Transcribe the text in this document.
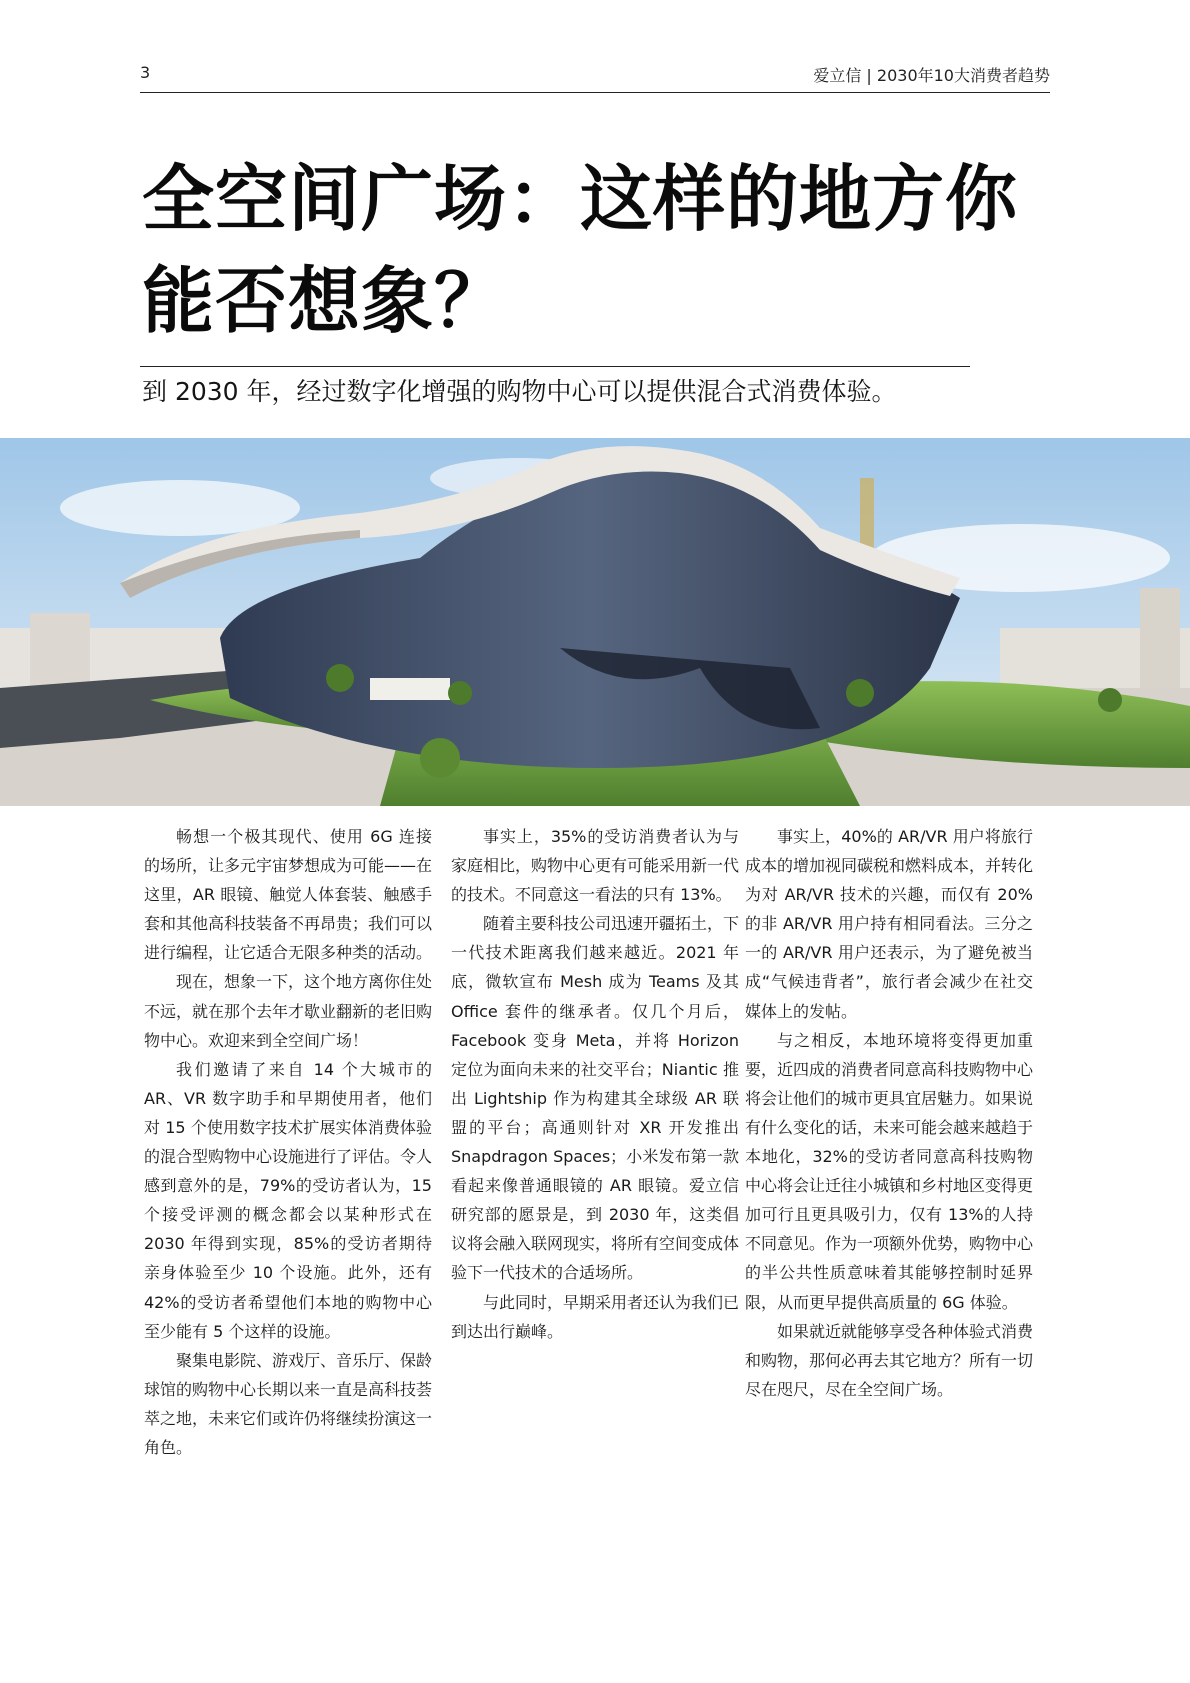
3	爱立信 | 2030年10大消费者趋势
全空间广场：这样的地方你能否想象？

到 2030 年，经过数字化增强的购物中心可以提供混合式消费体验。

畅想一个极其现代、使用 6G 连接的场所，让多元宇宙梦想成为可能——在这里，AR 眼镜、触觉人体套装、触感手套和其他高科技装备不再昂贵；我们可以进行编程，让它适合无限多种类的活动。

现在，想象一下，这个地方离你住处不远，就在那个去年才歇业翻新的老旧购物中心。欢迎来到全空间广场！

我们邀请了来自 14 个大城市的 AR、VR 数字助手和早期使用者，他们对 15 个使用数字技术扩展实体消费体验的混合型购物中心设施进行了评估。令人感到意外的是，79%的受访者认为，15 个接受评测的概念都会以某种形式在 2030 年得到实现，85%的受访者期待亲身体验至少 10 个设施。此外，还有 42%的受访者希望他们本地的购物中心至少能有 5 个这样的设施。

聚集电影院、游戏厅、音乐厅、保龄球馆的购物中心长期以来一直是高科技荟萃之地，未来它们或许仍将继续扮演这一角色。

事实上，35%的受访消费者认为与家庭相比，购物中心更有可能采用新一代的技术。不同意这一看法的只有 13%。

随着主要科技公司迅速开疆拓土，下一代技术距离我们越来越近。2021 年底，微软宣布 Mesh 成为 Teams 及其 Office 套件的继承者。仅几个月后，Facebook 变身 Meta，并将 Horizon 定位为面向未来的社交平台；Niantic 推出 Lightship 作为构建其全球级 AR 联盟的平台；高通则针对 XR 开发推出 Snapdragon Spaces；小米发布第一款看起来像普通眼镜的 AR 眼镜。爱立信研究部的愿景是，到 2030 年，这类倡议将会融入联网现实，将所有空间变成体验下一代技术的合适场所。

与此同时，早期采用者还认为我们已到达出行巅峰。

事实上，40%的 AR/VR 用户将旅行成本的增加视同碳税和燃料成本，并转化为对 AR/VR 技术的兴趣，而仅有 20%的非 AR/VR 用户持有相同看法。三分之一的 AR/VR 用户还表示，为了避免被当成“气候违背者”，旅行者会减少在社交媒体上的发帖。

与之相反，本地环境将变得更加重要，近四成的消费者同意高科技购物中心将会让他们的城市更具宜居魅力。如果说有什么变化的话，未来可能会越来越趋于本地化，32%的受访者同意高科技购物中心将会让迁往小城镇和乡村地区变得更加可行且更具吸引力，仅有 13%的人持不同意见。作为一项额外优势，购物中心的半公共性质意味着其能够控制时延界限，从而更早提供高质量的 6G 体验。

如果就近就能够享受各种体验式消费和购物，那何必再去其它地方？所有一切尽在咫尺，尽在全空间广场。
